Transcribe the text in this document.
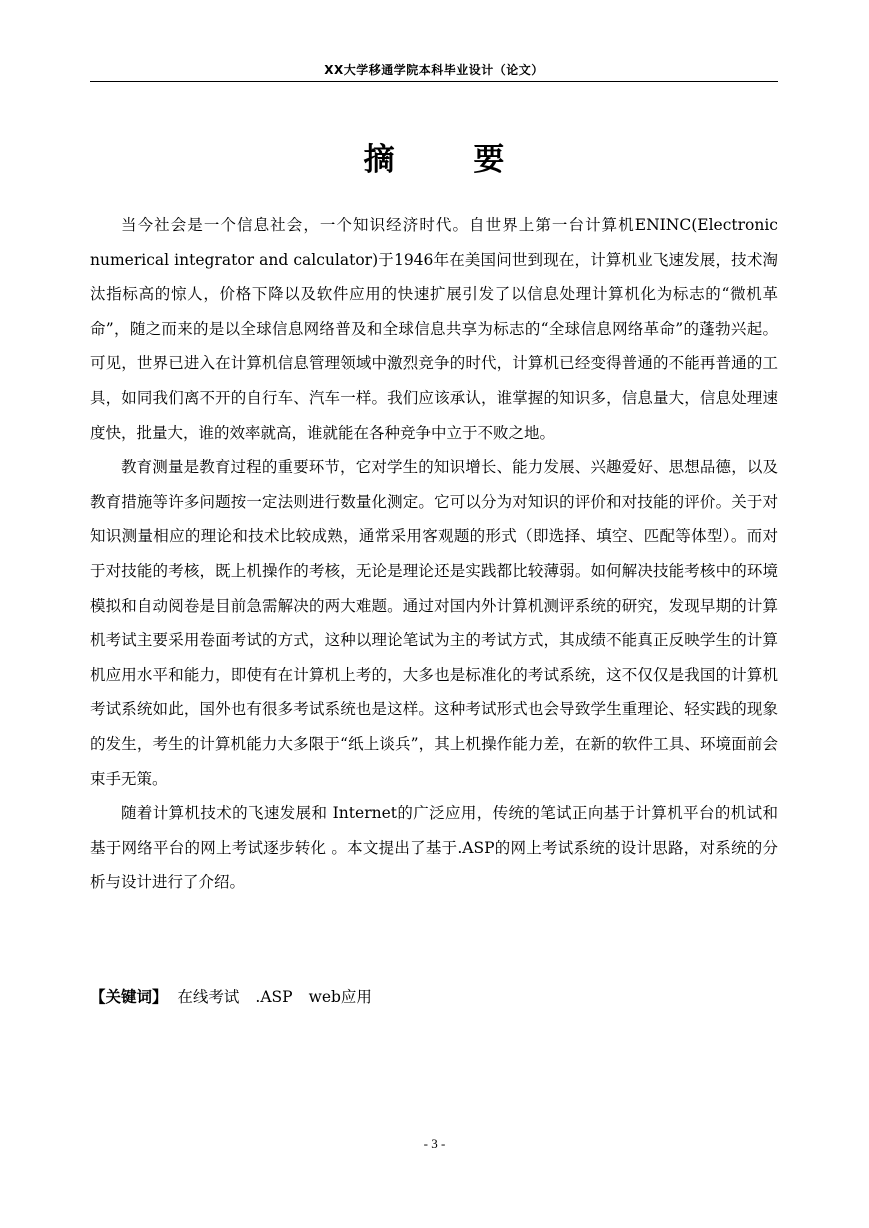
XX大学移通学院本科毕业设计（论文）
摘 要

当今社会是一个信息社会，一个知识经济时代。自世界上第一台计算机ENINC(Electronic numerical integrator and calculator)于1946年在美国问世到现在，计算机业飞速发展，技术淘汰指标高的惊人，价格下降以及软件应用的快速扩展引发了以信息处理计算机化为标志的“微机革命”，随之而来的是以全球信息网络普及和全球信息共享为标志的“全球信息网络革命”的蓬勃兴起。可见，世界已进入在计算机信息管理领域中激烈竞争的时代，计算机已经变得普通的不能再普通的工具，如同我们离不开的自行车、汽车一样。我们应该承认，谁掌握的知识多，信息量大，信息处理速度快，批量大，谁的效率就高，谁就能在各种竞争中立于不败之地。

教育测量是教育过程的重要环节，它对学生的知识增长、能力发展、兴趣爱好、思想品德，以及教育措施等许多问题按一定法则进行数量化测定。它可以分为对知识的评价和对技能的评价。关于对知识测量相应的理论和技术比较成熟，通常采用客观题的形式（即选择、填空、匹配等体型）。而对于对技能的考核，既上机操作的考核，无论是理论还是实践都比较薄弱。如何解决技能考核中的环境模拟和自动阅卷是目前急需解决的两大难题。通过对国内外计算机测评系统的研究，发现早期的计算机考试主要采用卷面考试的方式，这种以理论笔试为主的考试方式，其成绩不能真正反映学生的计算机应用水平和能力，即使有在计算机上考的，大多也是标准化的考试系统，这不仅仅是我国的计算机考试系统如此，国外也有很多考试系统也是这样。这种考试形式也会导致学生重理论、轻实践的现象的发生，考生的计算机能力大多限于“纸上谈兵”，其上机操作能力差，在新的软件工具、环境面前会束手无策。

随着计算机技术的飞速发展和 Internet的广泛应用，传统的笔试正向基于计算机平台的机试和基于网络平台的网上考试逐步转化 。本文提出了基于.ASP的网上考试系统的设计思路，对系统的分析与设计进行了介绍。

【关键词】 在线考试 .ASP web应用
- 3 -
